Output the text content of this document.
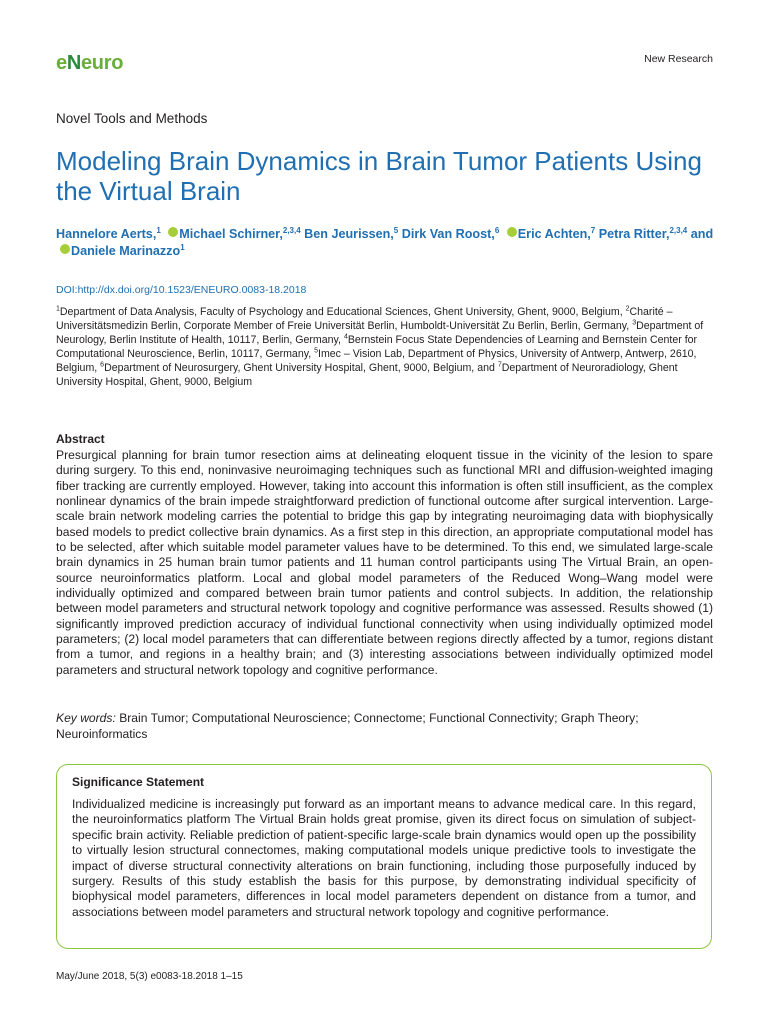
eNeuro	New Research
Novel Tools and Methods
Modeling Brain Dynamics in Brain Tumor Patients Using the Virtual Brain
Hannelore Aerts,$^1$ Michael Schirner,$^{2,3,4}$ Ben Jeurissen,$^5$ Dirk Van Roost,$^6$ Eric Achten,$^7$ Petra Ritter,$^{2,3,4}$ and Daniele Marinazzo$^1$
DOI:http://dx.doi.org/10.1523/ENEURO.0083-18.2018
$^1$Department of Data Analysis, Faculty of Psychology and Educational Sciences, Ghent University, Ghent, 9000, Belgium, $^2$Charité – Universitätsmedizin Berlin, Corporate Member of Freie Universität Berlin, Humboldt-Universität Zu Berlin, Berlin, Germany, $^3$Department of Neurology, Berlin Institute of Health, 10117, Berlin, Germany, $^4$Bernstein Focus State Dependencies of Learning and Bernstein Center for Computational Neuroscience, Berlin, 10117, Germany, $^5$Imec – Vision Lab, Department of Physics, University of Antwerp, Antwerp, 2610, Belgium, $^6$Department of Neurosurgery, Ghent University Hospital, Ghent, 9000, Belgium, and $^7$Department of Neuroradiology, Ghent University Hospital, Ghent, 9000, Belgium
Abstract
Presurgical planning for brain tumor resection aims at delineating eloquent tissue in the vicinity of the lesion to spare during surgery. To this end, noninvasive neuroimaging techniques such as functional MRI and diffusion-weighted imaging fiber tracking are currently employed. However, taking into account this information is often still insufficient, as the complex nonlinear dynamics of the brain impede straightforward prediction of functional outcome after surgical intervention. Large-scale brain network modeling carries the potential to bridge this gap by integrating neuroimaging data with biophysically based models to predict collective brain dynamics. As a first step in this direction, an appropriate computational model has to be selected, after which suitable model parameter values have to be determined. To this end, we simulated large-scale brain dynamics in 25 human brain tumor patients and 11 human control participants using The Virtual Brain, an open-source neuroinformatics platform. Local and global model parameters of the Reduced Wong–Wang model were individually optimized and compared between brain tumor patients and control subjects. In addition, the relationship between model parameters and structural network topology and cognitive performance was assessed. Results showed (1) significantly improved prediction accuracy of individual functional connectivity when using individually optimized model parameters; (2) local model parameters that can differentiate between regions directly affected by a tumor, regions distant from a tumor, and regions in a healthy brain; and (3) interesting associations between individually optimized model parameters and structural network topology and cognitive performance.
Key words: Brain Tumor; Computational Neuroscience; Connectome; Functional Connectivity; Graph Theory; Neuroinformatics
Significance Statement
Individualized medicine is increasingly put forward as an important means to advance medical care. In this regard, the neuroinformatics platform The Virtual Brain holds great promise, given its direct focus on simulation of subject-specific brain activity. Reliable prediction of patient-specific large-scale brain dynamics would open up the possibility to virtually lesion structural connectomes, making computational models unique predictive tools to investigate the impact of diverse structural connectivity alterations on brain functioning, including those purposefully induced by surgery. Results of this study establish the basis for this purpose, by demonstrating individual specificity of biophysical model parameters, differences in local model parameters dependent on distance from a tumor, and associations between model parameters and structural network topology and cognitive performance.
May/June 2018, 5(3) e0083-18.2018 1–15
